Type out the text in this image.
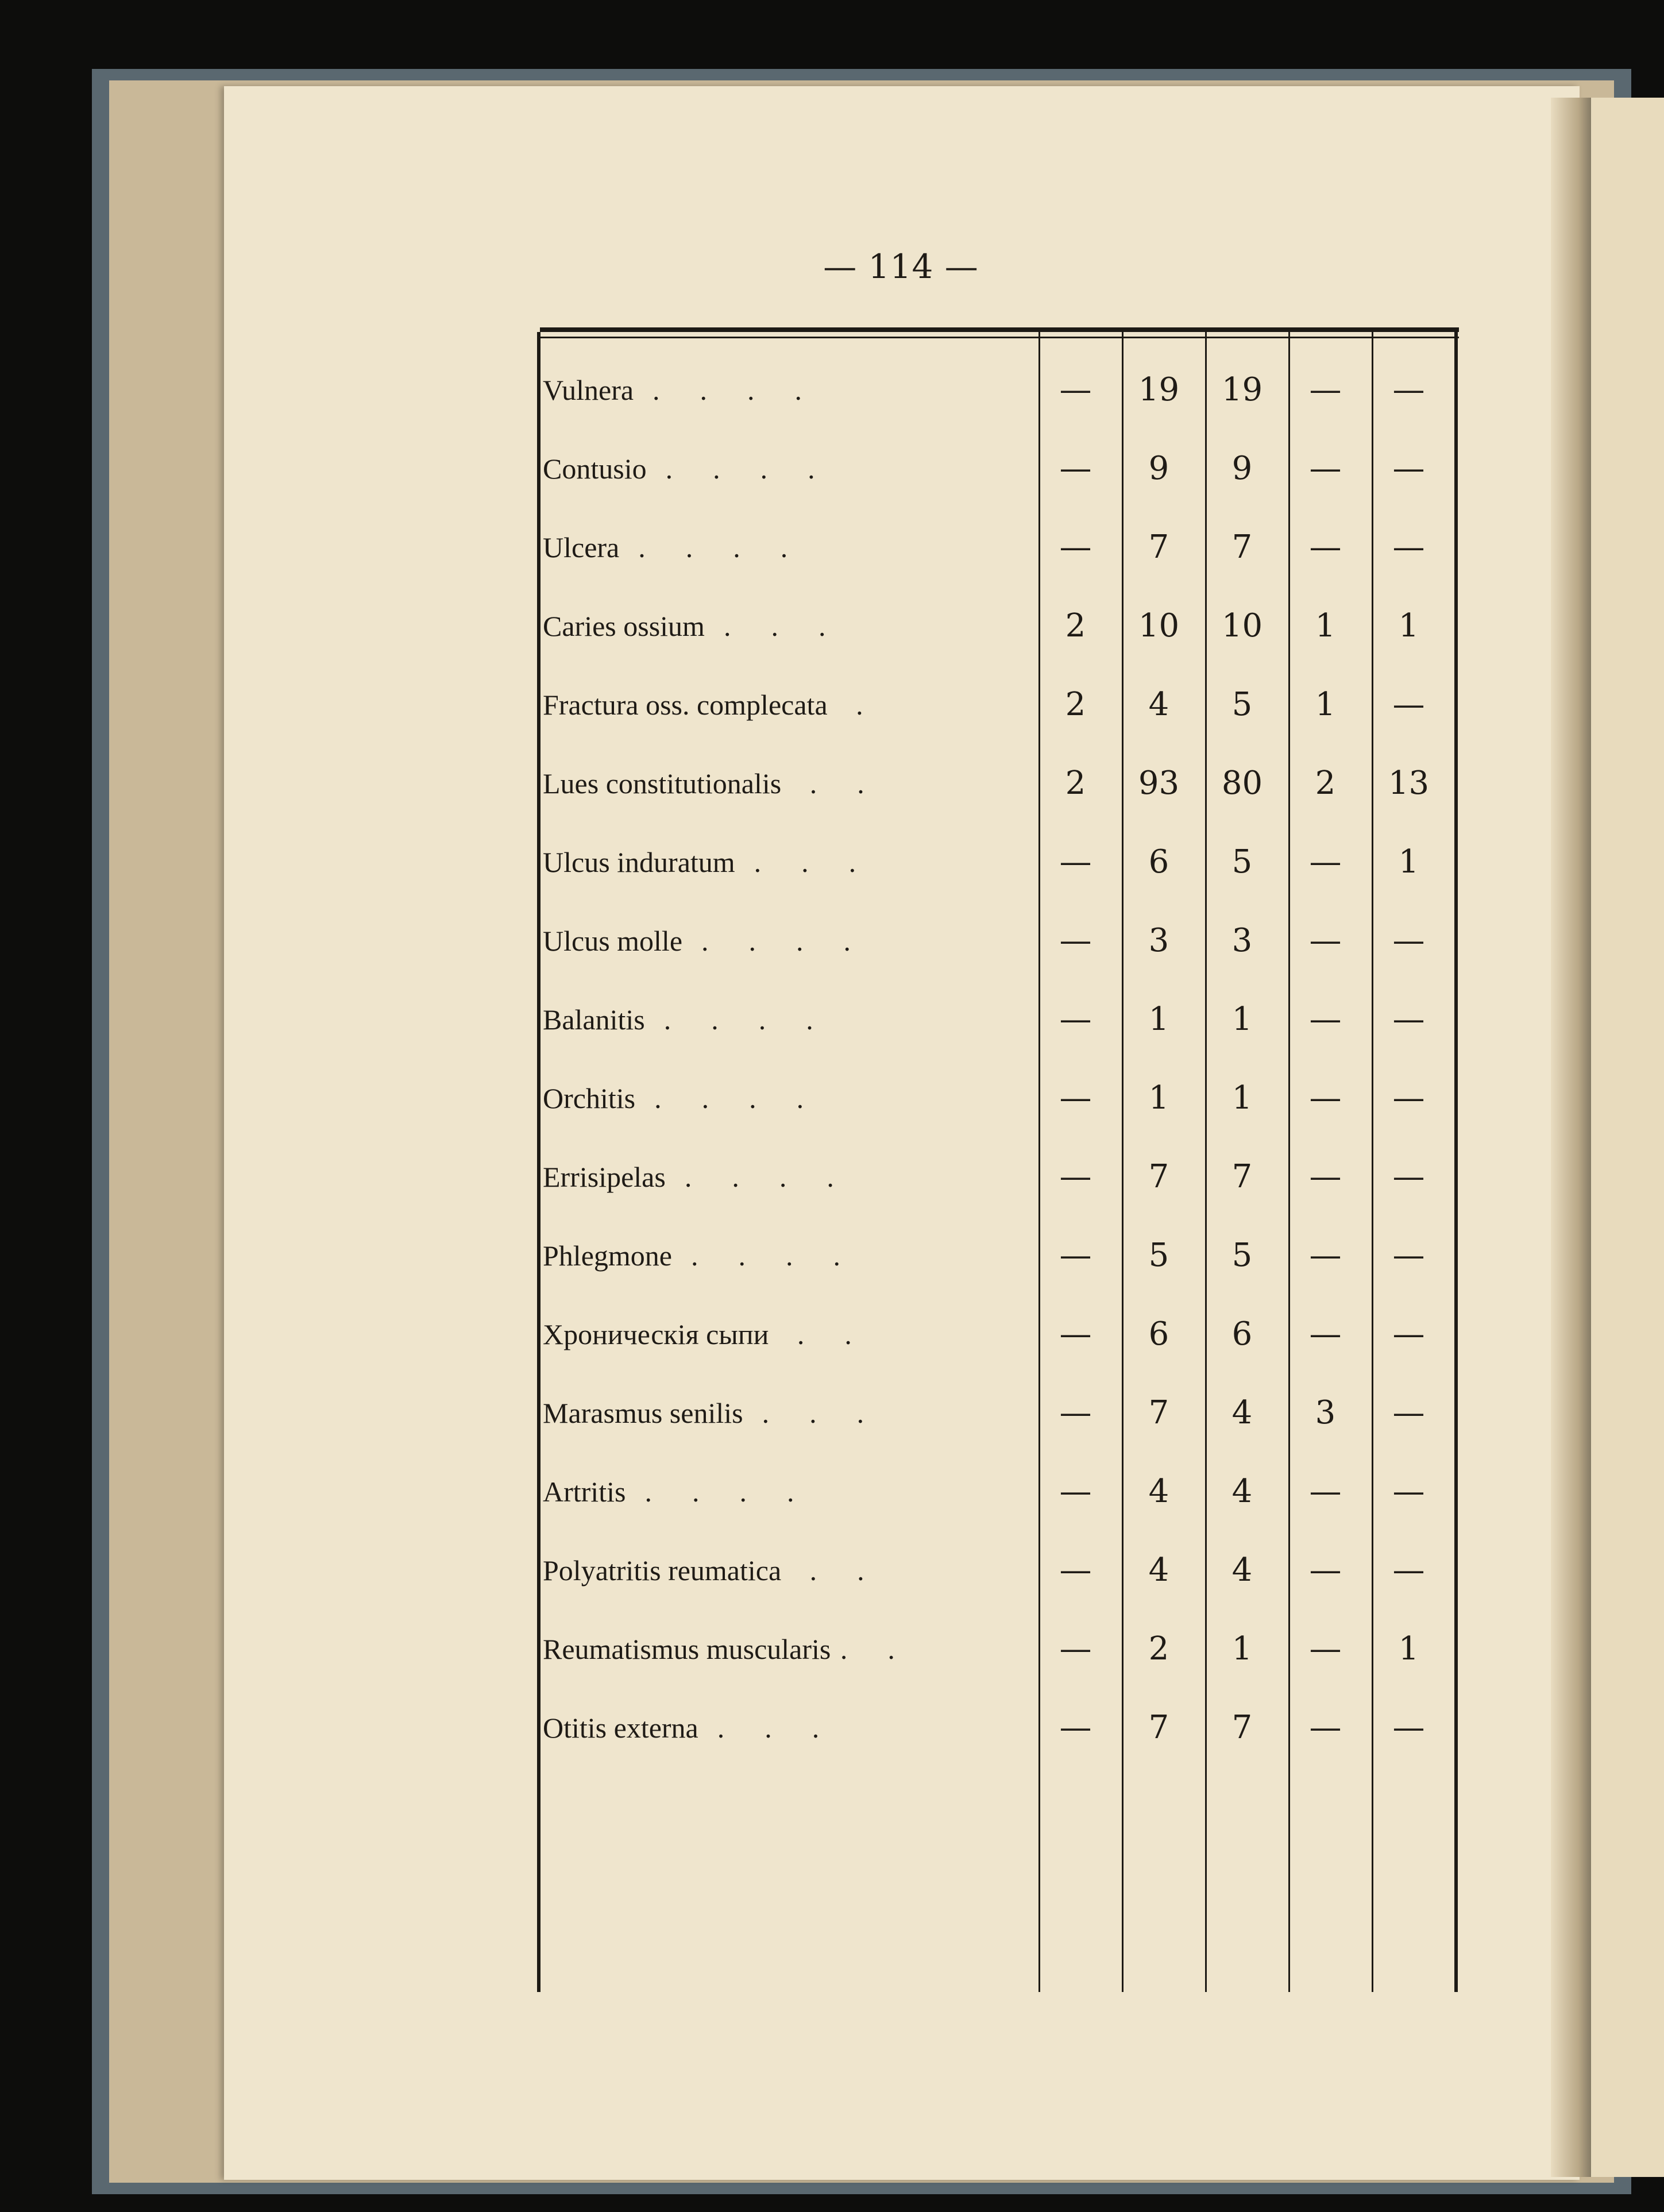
— 114 —
Vulnera  .    .    .    .	—	19	19	—	—
Contusio  .    .    .    .	—	9	9	—	—
Ulcera  .    .    .    .	—	7	7	—	—
Caries ossium  .    .    .	2	10	10	1	1
Fractura oss. complecata   .	2	4	5	1	—
Lues constitutionalis   .    .	2	93	80	2	13
Ulcus induratum  .    .    .	—	6	5	—	1
Ulcus molle  .    .    .    .	—	3	3	—	—
Balanitis  .    .    .    .	—	1	1	—	—
Orchitis  .    .    .    .	—	1	1	—	—
Errisipelas  .    .    .    .	—	7	7	—	—
Phlegmone  .    .    .    .	—	5	5	—	—
Хроническія сыпи   .    .	—	6	6	—	—
Marasmus senilis  .    .    .	—	7	4	3	—
Artritis  .    .    .    .	—	4	4	—	—
Polyatritis reumatica   .    .	—	4	4	—	—
Reumatismus muscularis .    .	—	2	1	—	1
Otitis externa  .    .    .	—	7	7	—	—
